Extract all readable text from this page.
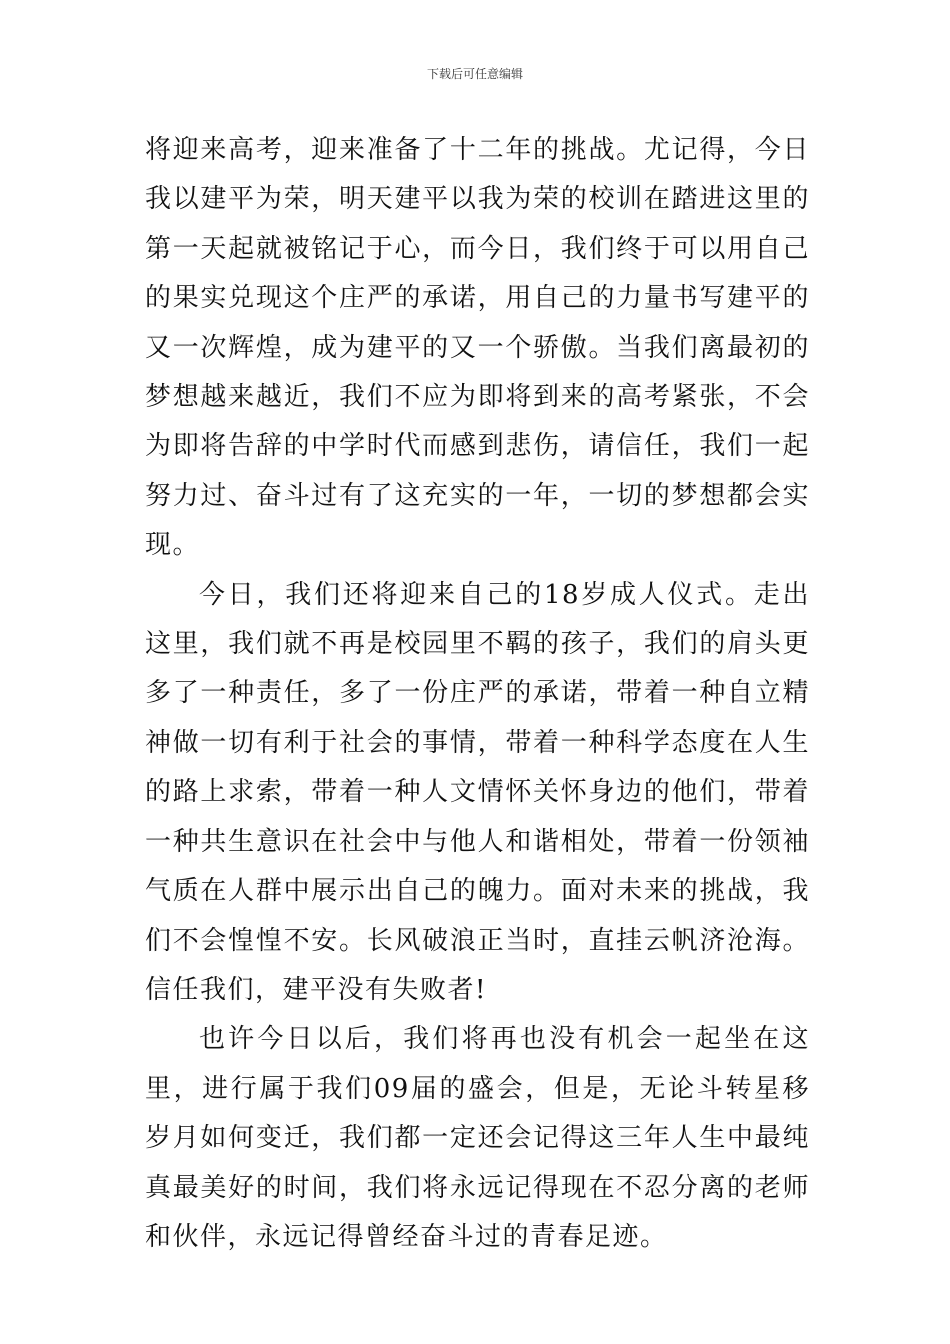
下载后可任意编辑

将迎来高考，迎来准备了十二年的挑战。尤记得，今日我以建平为荣，明天建平以我为荣的校训在踏进这里的第一天起就被铭记于心，而今日，我们终于可以用自己的果实兑现这个庄严的承诺，用自己的力量书写建平的又一次辉煌，成为建平的又一个骄傲。当我们离最初的梦想越来越近，我们不应为即将到来的高考紧张，不会为即将告辞的中学时代而感到悲伤，请信任，我们一起努力过、奋斗过有了这充实的一年，一切的梦想都会实现。

今日，我们还将迎来自己的18岁成人仪式。走出这里，我们就不再是校园里不羁的孩子，我们的肩头更多了一种责任，多了一份庄严的承诺，带着一种自立精神做一切有利于社会的事情，带着一种科学态度在人生的路上求索，带着一种人文情怀关怀身边的他们，带着一种共生意识在社会中与他人和谐相处，带着一份领袖气质在人群中展示出自己的魄力。面对未来的挑战，我们不会惶惶不安。长风破浪正当时，直挂云帆济沧海。信任我们，建平没有失败者!

也许今日以后，我们将再也没有机会一起坐在这里，进行属于我们09届的盛会，但是，无论斗转星移岁月如何变迁，我们都一定还会记得这三年人生中最纯真最美好的时间，我们将永远记得现在不忍分离的老师和伙伴，永远记得曾经奋斗过的青春足迹。
